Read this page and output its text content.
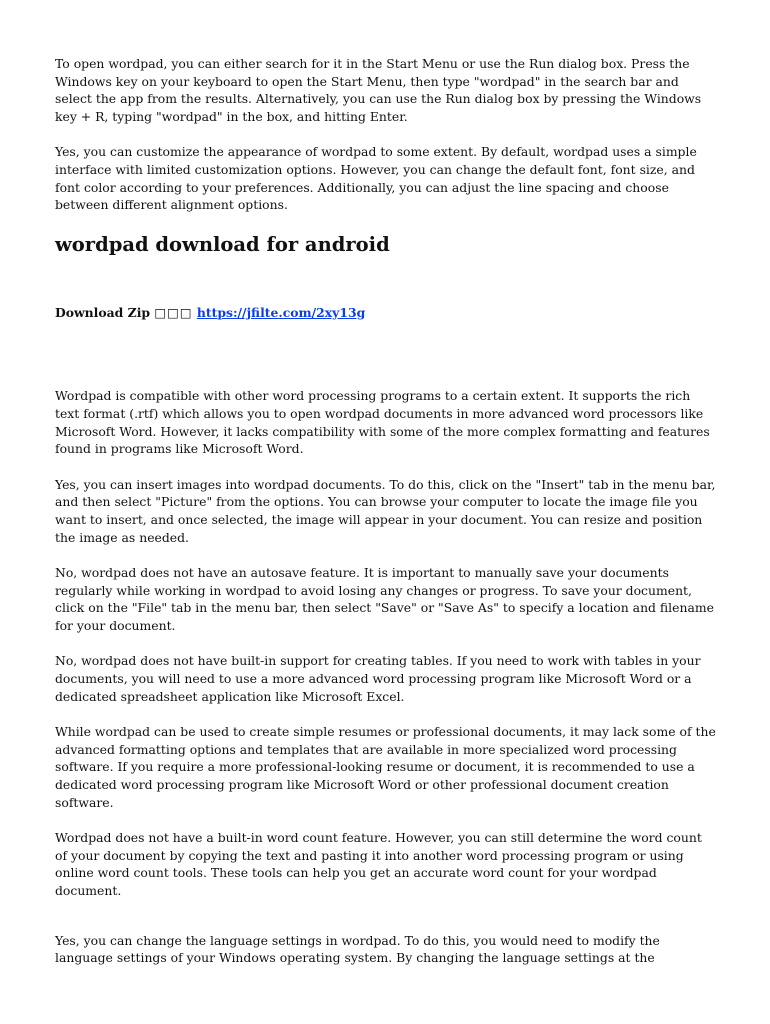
To open wordpad, you can either search for it in the Start Menu or use the Run dialog box. Press the Windows key on your keyboard to open the Start Menu, then type "wordpad" in the search bar and select the app from the results. Alternatively, you can use the Run dialog box by pressing the Windows key + R, typing "wordpad" in the box, and hitting Enter.

Yes, you can customize the appearance of wordpad to some extent. By default, wordpad uses a simple interface with limited customization options. However, you can change the default font, font size, and font color according to your preferences. Additionally, you can adjust the line spacing and choose between different alignment options.

wordpad download for android
Download Zip □□□ https://jfilte.com/2xy13g

Wordpad is compatible with other word processing programs to a certain extent. It supports the rich text format (.rtf) which allows you to open wordpad documents in more advanced word processors like Microsoft Word. However, it lacks compatibility with some of the more complex formatting and features found in programs like Microsoft Word.

Yes, you can insert images into wordpad documents. To do this, click on the "Insert" tab in the menu bar, and then select "Picture" from the options. You can browse your computer to locate the image file you want to insert, and once selected, the image will appear in your document. You can resize and position the image as needed.

No, wordpad does not have an autosave feature. It is important to manually save your documents regularly while working in wordpad to avoid losing any changes or progress. To save your document, click on the "File" tab in the menu bar, then select "Save" or "Save As" to specify a location and filename for your document.

No, wordpad does not have built-in support for creating tables. If you need to work with tables in your documents, you will need to use a more advanced word processing program like Microsoft Word or a dedicated spreadsheet application like Microsoft Excel.

While wordpad can be used to create simple resumes or professional documents, it may lack some of the advanced formatting options and templates that are available in more specialized word processing software. If you require a more professional-looking resume or document, it is recommended to use a dedicated word processing program like Microsoft Word or other professional document creation software.

Wordpad does not have a built-in word count feature. However, you can still determine the word count of your document by copying the text and pasting it into another word processing program or using online word count tools. These tools can help you get an accurate word count for your wordpad document.

Yes, you can change the language settings in wordpad. To do this, you would need to modify the language settings of your Windows operating system. By changing the language settings at the
